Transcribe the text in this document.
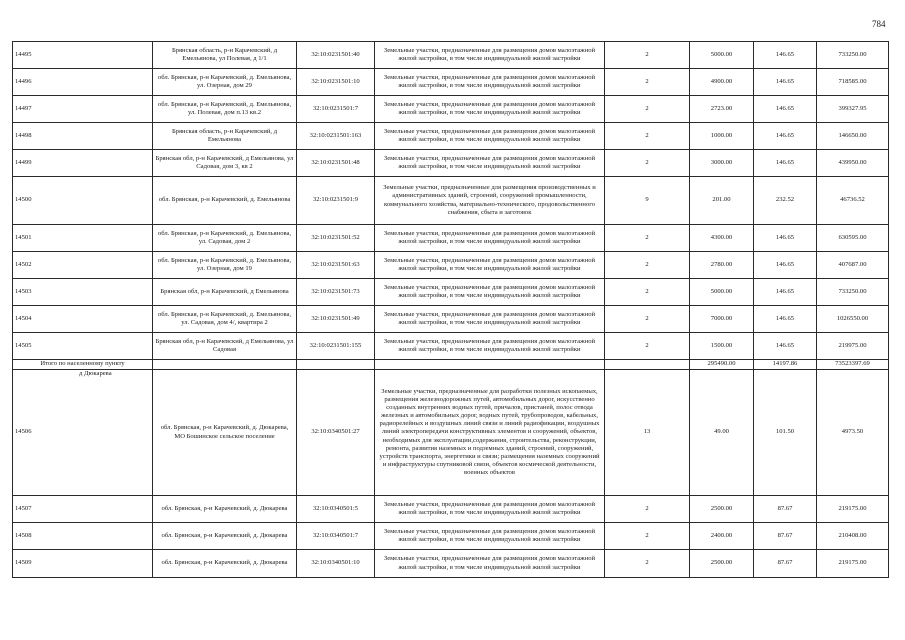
784
14495	Брянская область, р-н Карачевский, д Емельянова, ул Полевая, д 1/1	32:10:0231501:40	Земельные участки, предназначенные для размещения домов малоэтажной жилой застройки, в том числе индивидуальной жилой застройки	2	5000.00	146.65	733250.00
14496	обл. Брянская, р-н Карачевский, д. Емельянова, ул. Озерная, дом 29	32:10:0231501:10	Земельные участки, предназначенные для размещения домов малоэтажной жилой застройки, в том числе индивидуальной жилой застройки	2	4900.00	146.65	718585.00
14497	обл. Брянская, р-н Карачевский, д. Емельянова, ул. Полевая, дом п.13 кв.2	32:10:0231501:7	Земельные участки, предназначенные для размещения домов малоэтажной жилой застройки, в том числе индивидуальной жилой застройки	2	2723.00	146.65	399327.95
14498	Брянская область, р-н Карачевский, д Емельянова	32:10:0231501:163	Земельные участки, предназначенные для размещения домов малоэтажной жилой застройки, в том числе индивидуальной жилой застройки	2	1000.00	146.65	146650.00
14499	Брянская обл, р-н Карачевский, д Емельянова, ул Садовая, дом 3, кв 2	32:10:0231501:48	Земельные участки, предназначенные для размещения домов малоэтажной жилой застройки, в том числе индивидуальной жилой застройки	2	3000.00	146.65	439950.00
14500	обл. Брянская, р-н Карачевский, д. Емельянова	32:10:0231501:9	Земельные участки, предназначенные для размещения производственных и административных зданий, строений, сооружений промышленности, коммунального хозяйства, материально-технического, продовольственного снабжения, сбыта и заготовок	9	201.00	232.52	46736.52
14501	обл. Брянская, р-н Карачевский, д. Емельянова, ул. Садовая, дом 2	32:10:0231501:52	Земельные участки, предназначенные для размещения домов малоэтажной жилой застройки, в том числе индивидуальной жилой застройки	2	4300.00	146.65	630595.00
14502	обл. Брянская, р-н Карачевский, д. Емельянова, ул. Озерная, дом 19	32:10:0231501:63	Земельные участки, предназначенные для размещения домов малоэтажной жилой застройки, в том числе индивидуальной жилой застройки	2	2780.00	146.65	407687.00
14503	Брянская обл, р-н Карачевский, д Емельянова	32:10:0231501:73	Земельные участки, предназначенные для размещения домов малоэтажной жилой застройки, в том числе индивидуальной жилой застройки	2	5000.00	146.65	733250.00
14504	обл. Брянская, р-н Карачевский, д. Емельянова, ул. Садовая, дом 4/, квартира 2	32:10:0231501:49	Земельные участки, предназначенные для размещения домов малоэтажной жилой застройки, в том числе индивидуальной жилой застройки	2	7000.00	146.65	1026550.00
14505	Брянская обл, р-н Карачевский, д Емельянова, ул Садовая	32:10:0231501:155	Земельные участки, предназначенные для размещения домов малоэтажной жилой застройки, в том числе индивидуальной жилой застройки	2	1500.00	146.65	219975.00
Итого по населенному пункту					295490.00	14197.86	73523397.69

д Дюкарева
14506	обл. Брянская, р-н Карачевский, д. Дюкарева, МО Бошинское сельское поселение	32:10:0340501:27	Земельные участки, предназначенные для разработки полезных ископаемых, размещения железнодорожных путей, автомобильных дорог, искусственно созданных внутренних водных путей, причалов, пристаней, полос отвода железных и автомобильных дорог, водных путей, трубопроводов, кабельных, радиорелейных и воздушных линий связи и линий радиофикации, воздушных линий электропередачи конструктивных элементов и сооружений, объектов, необходимых для эксплуатации,содержания, строительства, реконструкции, ремонта, развития наземных и подземных зданий, строений, сооружений, устройств транспорта, энергетики и связи; размещения наземных сооружений и инфраструктуры спутниковой связи, объектов космической деятельности, военных объектов	13	49.00	101.50	4973.50
14507	обл. Брянская, р-н Карачевский, д. Дюкарева	32:10:0340501:5	Земельные участки, предназначенные для размещения домов малоэтажной жилой застройки, в том числе индивидуальной жилой застройки	2	2500.00	87.67	219175.00
14508	обл. Брянская, р-н Карачевский, д. Дюкарева	32:10:0340501:7	Земельные участки, предназначенные для размещения домов малоэтажной жилой застройки, в том числе индивидуальной жилой застройки	2	2400.00	87.67	210408.00
14509	обл. Брянская, р-н Карачевский, д. Дюкарева	32:10:0340501:10	Земельные участки, предназначенные для размещения домов малоэтажной жилой застройки, в том числе индивидуальной жилой застройки	2	2500.00	87.67	219175.00
